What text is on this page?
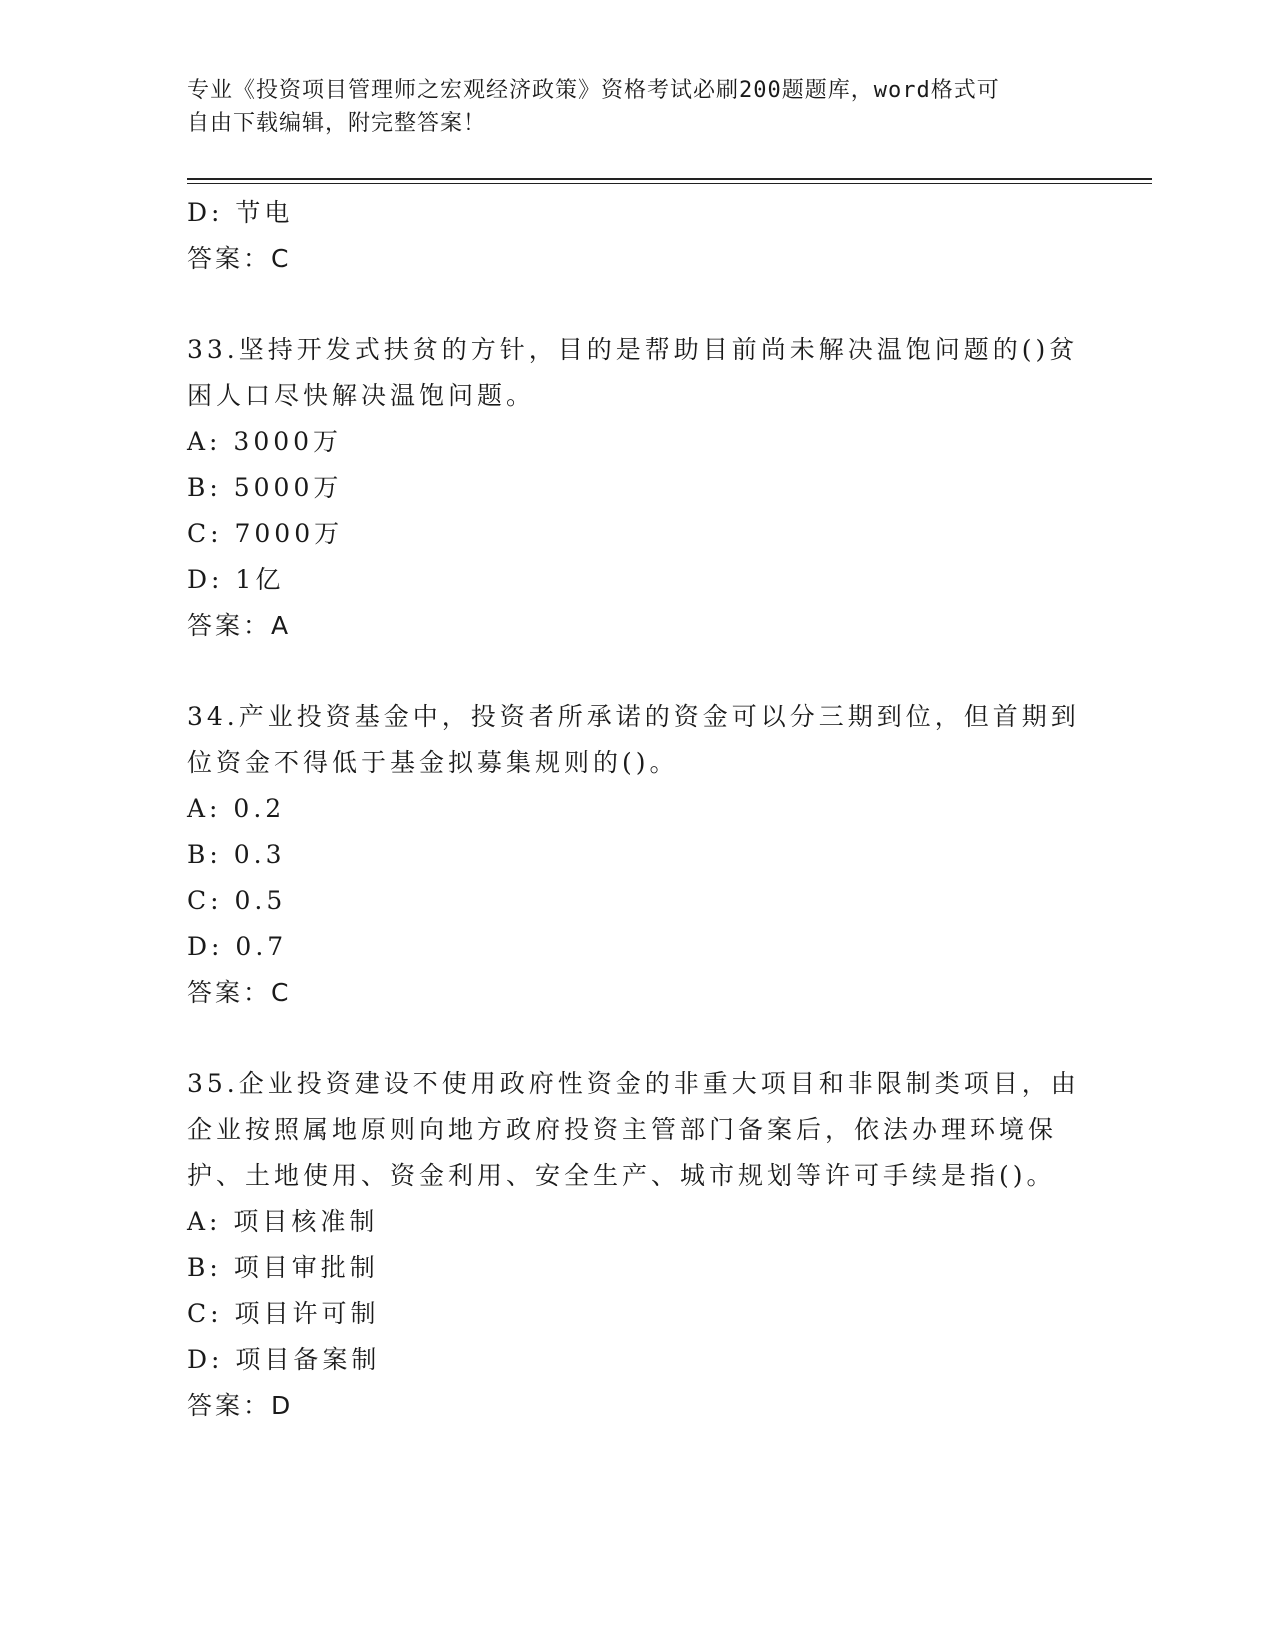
专业《投资项目管理师之宏观经济政策》资格考试必刷200题题库，word格式可
自由下载编辑，附完整答案！
D: 节电
答案：C
33.坚持开发式扶贫的方针，目的是帮助目前尚未解决温饱问题的()贫
困人口尽快解决温饱问题。
A: 3000万
B: 5000万
C: 7000万
D: 1亿
答案：A
34.产业投资基金中，投资者所承诺的资金可以分三期到位，但首期到
位资金不得低于基金拟募集规则的()。
A: 0.2
B: 0.3
C: 0.5
D: 0.7
答案：C
35.企业投资建设不使用政府性资金的非重大项目和非限制类项目，由
企业按照属地原则向地方政府投资主管部门备案后，依法办理环境保
护、土地使用、资金利用、安全生产、城市规划等许可手续是指()。
A: 项目核准制
B: 项目审批制
C: 项目许可制
D: 项目备案制
答案：D
